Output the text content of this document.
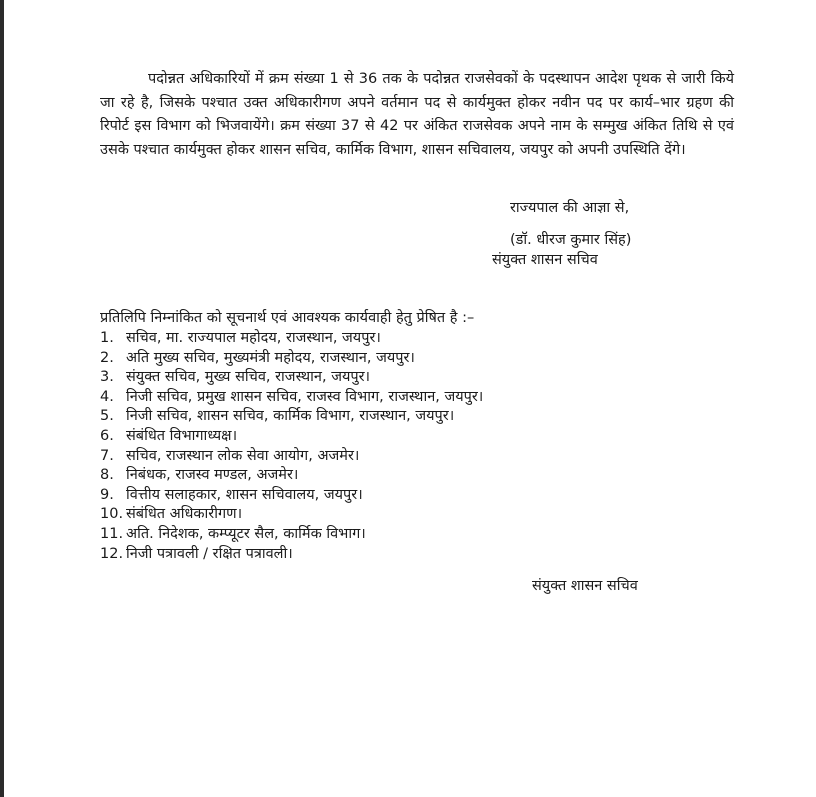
पदोन्नत अधिकारियों में क्रम संख्या 1 से 36 तक के पदोन्नत राजसेवकों के पदस्थापन आदेश पृथक से जारी किये जा रहे है, जिसके पश्चात उक्त अधिकारीगण अपने वर्तमान पद से कार्यमुक्त होकर नवीन पद पर कार्य–भार ग्रहण की रिपोर्ट इस विभाग को भिजवायेंगे। क्रम संख्या 37 से 42 पर अंकित राजसेवक अपने नाम के सम्मुख अंकित तिथि से एवं उसके पश्चात कार्यमुक्त होकर शासन सचिव, कार्मिक विभाग, शासन सचिवालय, जयपुर को अपनी उपस्थिति देंगे।

राज्यपाल की आज्ञा से,
(डॉ. धीरज कुमार सिंह)
संयुक्त शासन सचिव
प्रतिलिपि निम्नांकित को सूचनार्थ एवं आवश्यक कार्यवाही हेतु प्रेषित है :–
1. सचिव, मा. राज्यपाल महोदय, राजस्थान, जयपुर।
2. अति मुख्य सचिव, मुख्यमंत्री महोदय, राजस्थान, जयपुर।
3. संयुक्त सचिव, मुख्य सचिव, राजस्थान, जयपुर।
4. निजी सचिव, प्रमुख शासन सचिव, राजस्व विभाग, राजस्थान, जयपुर।
5. निजी सचिव, शासन सचिव, कार्मिक विभाग, राजस्थान, जयपुर।
6. संबंधित विभागाध्यक्ष।
7. सचिव, राजस्थान लोक सेवा आयोग, अजमेर।
8. निबंधक, राजस्व मण्डल, अजमेर।
9. वित्तीय सलाहकार, शासन सचिवालय, जयपुर।
10. संबंधित अधिकारीगण।
11. अति. निदेशक, कम्प्यूटर सैल, कार्मिक विभाग।
12. निजी पत्रावली / रक्षित पत्रावली।
संयुक्त शासन सचिव
